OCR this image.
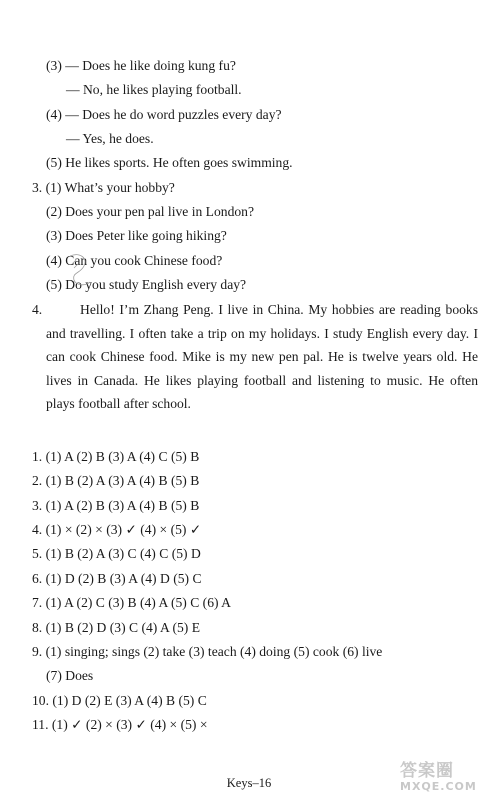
(3) — Does he like doing kung fu?
— No, he likes playing football.
(4) — Does he do word puzzles every day?
— Yes, he does.
(5) He likes sports. He often goes swimming.
3. (1) What’s your hobby?
(2) Does your pen pal live in London?
(3) Does Peter like going hiking?
(4) Can you cook Chinese food?
(5) Do you study English every day?
4.	Hello! I’m Zhang Peng. I live in China. My hobbies are reading books and travelling. I often take a trip on my holidays. I study English every day. I can cook Chinese food. Mike is my new pen pal. He is twelve years old. He lives in Canada. He likes playing football and listening to music. He often plays football after school.
1. (1) A (2) B (3) A (4) C (5) B
2. (1) B (2) A (3) A (4) B (5) B
3. (1) A (2) B (3) A (4) B (5) B
4. (1) × (2) × (3) ✓ (4) × (5) ✓
5. (1) B (2) A (3) C (4) C (5) D
6. (1) D (2) B (3) A (4) D (5) C
7. (1) A (2) C (3) B (4) A (5) C (6) A
8. (1) B (2) D (3) C (4) A (5) E
9. (1) singing; sings (2) take (3) teach (4) doing (5) cook (6) live
(7) Does
10. (1) D (2) E (3) A (4) B (5) C
11. (1) ✓ (2) × (3) ✓ (4) × (5) ×
Keys–16
答案圈
MXQE.COM
